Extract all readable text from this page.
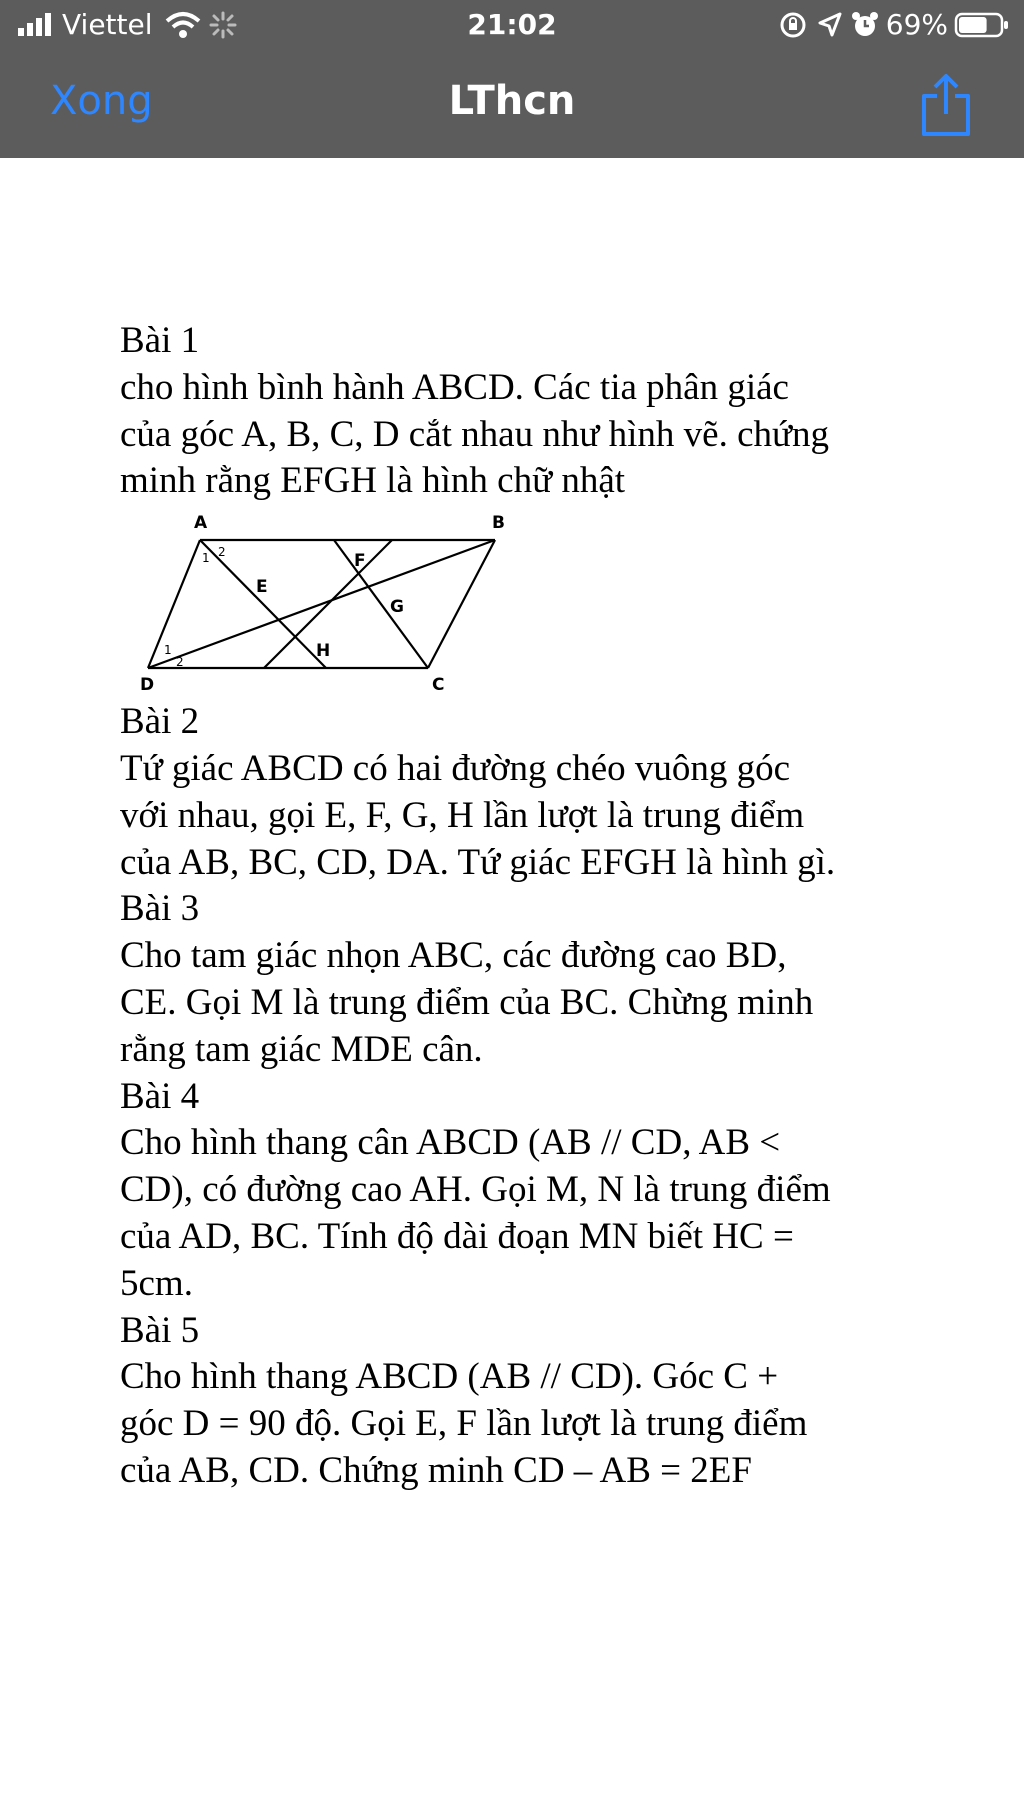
Viettel	21:02	69%
Xong	LThcn

Bài 1

cho hình bình hành ABCD. Các tia phân giác

của góc A, B, C, D cắt nhau như hình vẽ. chứng

minh rằng EFGH là hình chữ nhật

Bài 2

Tứ giác ABCD có hai đường chéo vuông góc

với nhau, gọi E, F, G, H lần lượt là trung điểm

của AB, BC, CD, DA. Tứ giác EFGH là hình gì.

Bài 3

Cho tam giác nhọn ABC, các đường cao BD,

CE. Gọi M là trung điểm của BC. Chừng minh

rằng tam giác MDE cân.

Bài 4

Cho hình thang cân ABCD (AB // CD, AB <

CD), có đường cao AH. Gọi M, N là trung điểm

của AD, BC. Tính độ dài đoạn MN biết HC =

5cm.

Bài 5

Cho hình thang ABCD (AB // CD). Góc C +

góc D = 90 độ. Gọi E, F lần lượt là trung điểm

của AB, CD. Chứng minh CD – AB = 2EF

A	B
C
D
E
F
G
H
1 2
1
2
